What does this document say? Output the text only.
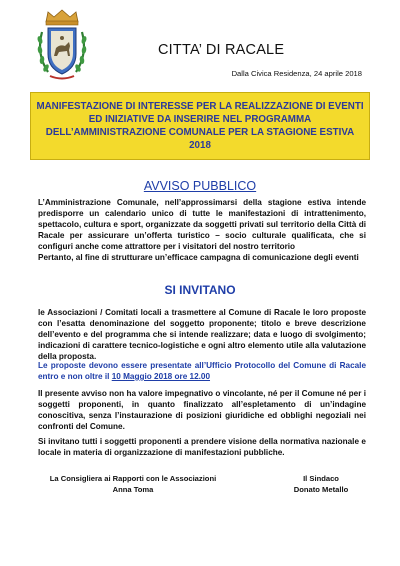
CITTA’ DI RACALE
Dalla Civica Residenza, 24 aprile 2018
MANIFESTAZIONE DI INTERESSE PER LA REALIZZAZIONE DI EVENTI ED INIZIATIVE DA INSERIRE NEL PROGRAMMA DELL’AMMINISTRAZIONE COMUNALE PER LA STAGIONE ESTIVA 2018
AVVISO PUBBLICO
L’Amministrazione Comunale, nell’approssimarsi della stagione estiva intende predisporre un calendario unico di tutte le manifestazioni di intrattenimento, spettacolo, cultura e sport, organizzate da soggetti privati sul territorio della Città di Racale per assicurare un’offerta turistico – socio culturale qualificata, che si configuri anche come attrattore per i visitatori del nostro territorio
Pertanto, al fine di strutturare un’efficace campagna di comunicazione degli eventi
SI INVITANO
le Associazioni / Comitati locali a trasmettere al Comune di Racale le loro proposte con l’esatta denominazione del soggetto proponente; titolo e breve descrizione dell’evento e del programma che si intende realizzare; data e luogo di svolgimento; indicazioni di carattere tecnico-logistiche e ogni altro elemento utile alla valutazione della proposta.
Le proposte devono essere presentate all’Ufficio Protocollo del Comune di Racale entro e non oltre il 10 Maggio 2018 ore 12.00
Il presente avviso non ha valore impegnativo o vincolante, né per il Comune né per i soggetti proponenti, in quanto finalizzato all’espletamento di un’indagine conoscitiva, senza l’instaurazione di posizioni giuridiche ed obblighi negoziali nei confronti del Comune.
Si invitano tutti i soggetti proponenti a prendere visione della normativa nazionale e locale in materia di organizzazione di manifestazioni pubbliche.
La Consigliera ai Rapporti con le Associazioni
Anna Toma
Il Sindaco
Donato Metallo
